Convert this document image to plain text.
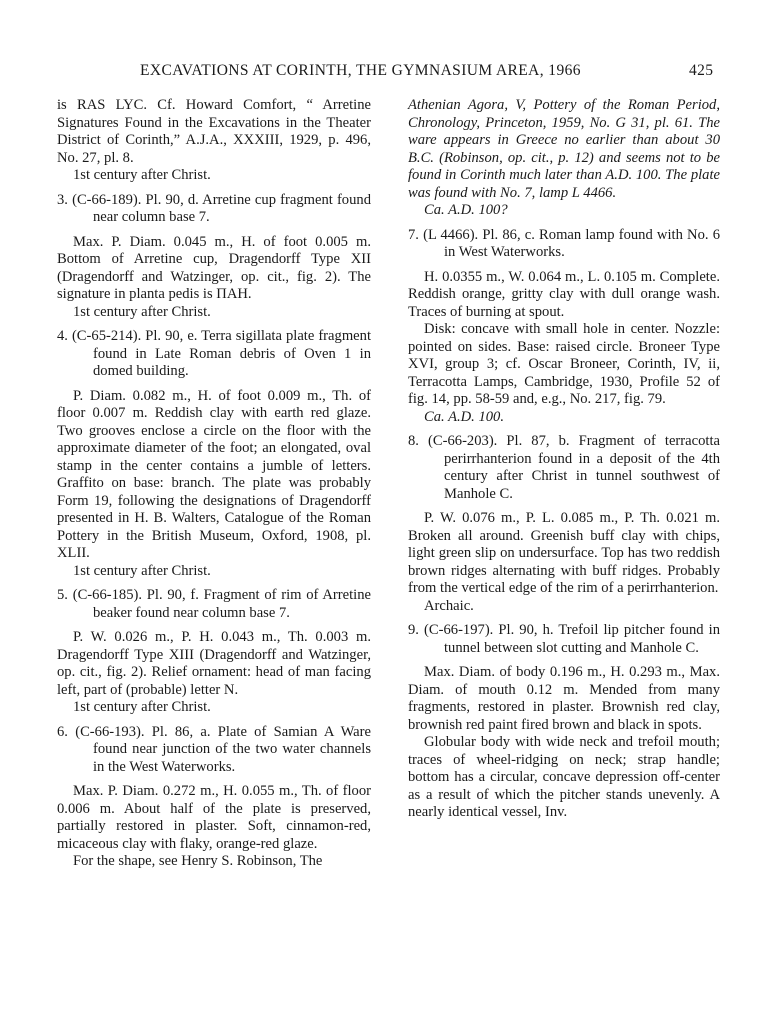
EXCAVATIONS AT CORINTH, THE GYMNASIUM AREA, 1966	425

is RAS LYC. Cf. Howard Comfort, “ Arretine Signatures Found in the Excavations in the Theater District of Corinth,” A.J.A., XXXIII, 1929, p. 496, No. 27, pl. 8.

1st century after Christ.

3. (C-66-189). Pl. 90, d. Arretine cup fragment found near column base 7.

Max. P. Diam. 0.045 m., H. of foot 0.005 m. Bottom of Arretine cup, Dragendorff Type XII (Dragendorff and Watzinger, op. cit., fig. 2). The signature in planta pedis is ΠΑΗ.

1st century after Christ.

4. (C-65-214). Pl. 90, e. Terra sigillata plate fragment found in Late Roman debris of Oven 1 in domed building.

P. Diam. 0.082 m., H. of foot 0.009 m., Th. of floor 0.007 m. Reddish clay with earth red glaze. Two grooves enclose a circle on the floor with the approximate diameter of the foot; an elongated, oval stamp in the center contains a jumble of letters. Graffito on base: branch. The plate was probably Form 19, following the designations of Dragendorff presented in H. B. Walters, Catalogue of the Roman Pottery in the British Museum, Oxford, 1908, pl. XLII.

1st century after Christ.

5. (C-66-185). Pl. 90, f. Fragment of rim of Arretine beaker found near column base 7.

P. W. 0.026 m., P. H. 0.043 m., Th. 0.003 m. Dragendorff Type XIII (Dragendorff and Watzinger, op. cit., fig. 2). Relief ornament: head of man facing left, part of (probable) letter N.

1st century after Christ.

6. (C-66-193). Pl. 86, a. Plate of Samian A Ware found near junction of the two water channels in the West Waterworks.

Max. P. Diam. 0.272 m., H. 0.055 m., Th. of floor 0.006 m. About half of the plate is preserved, partially restored in plaster. Soft, cinnamon-red, micaceous clay with flaky, orange-red glaze.

For the shape, see Henry S. Robinson, The

Athenian Agora, V, Pottery of the Roman Period, Chronology, Princeton, 1959, No. G 31, pl. 61. The ware appears in Greece no earlier than about 30 B.C. (Robinson, op. cit., p. 12) and seems not to be found in Corinth much later than A.D. 100. The plate was found with No. 7, lamp L 4466.

Ca. A.D. 100?

7. (L 4466). Pl. 86, c. Roman lamp found with No. 6 in West Waterworks.

H. 0.0355 m., W. 0.064 m., L. 0.105 m. Complete. Reddish orange, gritty clay with dull orange wash. Traces of burning at spout.

Disk: concave with small hole in center. Nozzle: pointed on sides. Base: raised circle. Broneer Type XVI, group 3; cf. Oscar Broneer, Corinth, IV, ii, Terracotta Lamps, Cambridge, 1930, Profile 52 of fig. 14, pp. 58-59 and, e.g., No. 217, fig. 79.

Ca. A.D. 100.

8. (C-66-203). Pl. 87, b. Fragment of terracotta perirrhanterion found in a deposit of the 4th century after Christ in tunnel southwest of Manhole C.

P. W. 0.076 m., P. L. 0.085 m., P. Th. 0.021 m. Broken all around. Greenish buff clay with chips, light green slip on undersurface. Top has two reddish brown ridges alternating with buff ridges. Probably from the vertical edge of the rim of a perirrhanterion.

Archaic.

9. (C-66-197). Pl. 90, h. Trefoil lip pitcher found in tunnel between slot cutting and Manhole C.

Max. Diam. of body 0.196 m., H. 0.293 m., Max. Diam. of mouth 0.12 m. Mended from many fragments, restored in plaster. Brownish red clay, brownish red paint fired brown and black in spots.

Globular body with wide neck and trefoil mouth; traces of wheel-ridging on neck; strap handle; bottom has a circular, concave depression off-center as a result of which the pitcher stands unevenly. A nearly identical vessel, Inv.
